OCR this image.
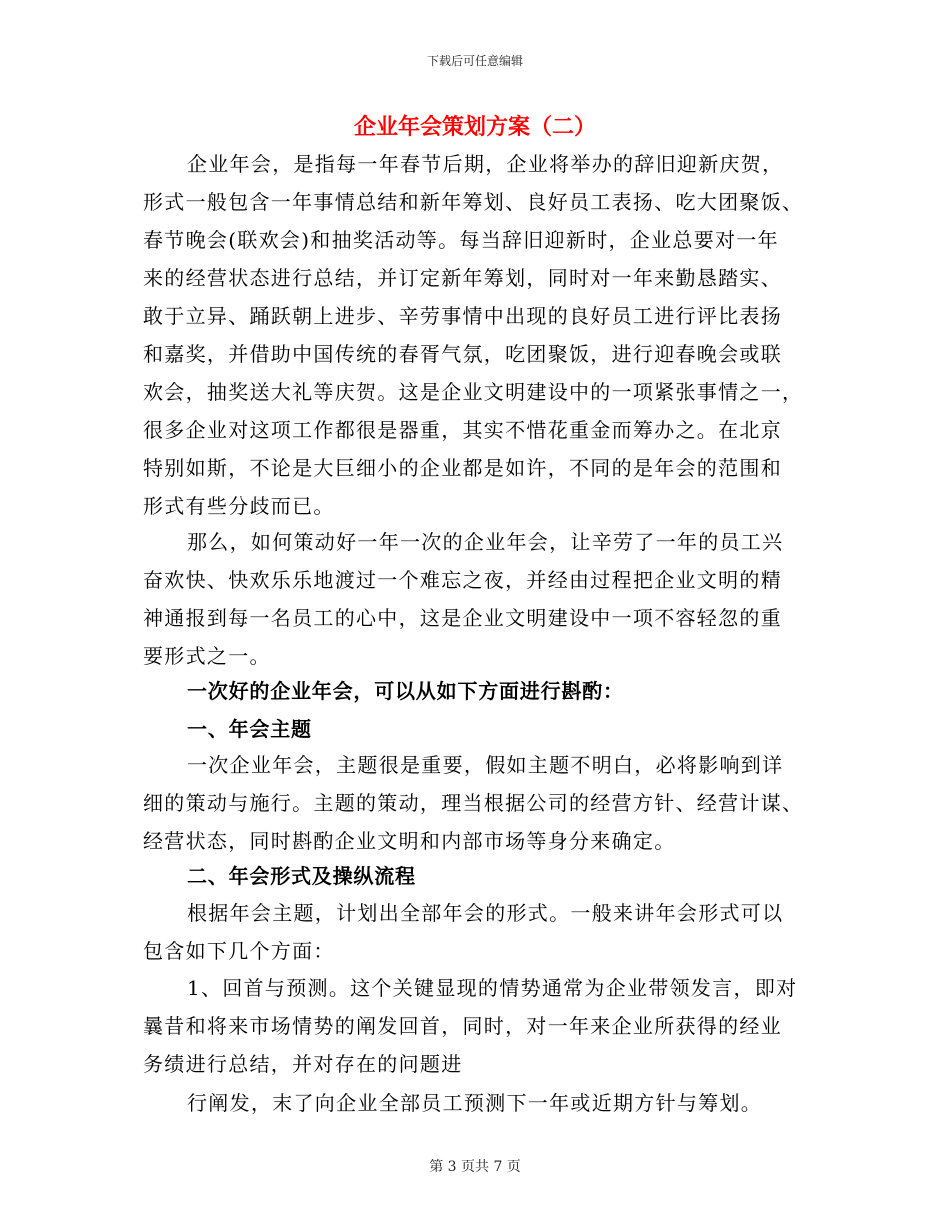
下载后可任意编辑
企业年会策划方案（二）
企业年会，是指每一年春节后期，企业将举办的辞旧迎新庆贺，
形式一般包含一年事情总结和新年筹划、良好员工表扬、吃大团聚饭、
春节晚会(联欢会)和抽奖活动等。每当辞旧迎新时，企业总要对一年
来的经营状态进行总结，并订定新年筹划，同时对一年来勤恳踏实、
敢于立异、踊跃朝上进步、辛劳事情中出现的良好员工进行评比表扬
和嘉奖，并借助中国传统的春胥气氛，吃团聚饭，进行迎春晚会或联
欢会，抽奖送大礼等庆贺。这是企业文明建设中的一项紧张事情之一，
很多企业对这项工作都很是器重，其实不惜花重金而筹办之。在北京
特别如斯，不论是大巨细小的企业都是如许，不同的是年会的范围和
形式有些分歧而已。
那么，如何策动好一年一次的企业年会，让辛劳了一年的员工兴
奋欢快、快欢乐乐地渡过一个难忘之夜，并经由过程把企业文明的精
神通报到每一名员工的心中，这是企业文明建设中一项不容轻忽的重
要形式之一。
一次好的企业年会，可以从如下方面进行斟酌：
一、年会主题
一次企业年会，主题很是重要，假如主题不明白，必将影响到详
细的策动与施行。主题的策动，理当根据公司的经营方针、经营计谋、
经营状态，同时斟酌企业文明和内部市场等身分来确定。
二、年会形式及操纵流程
根据年会主题，计划出全部年会的形式。一般来讲年会形式可以
包含如下几个方面：
1、回首与预测。这个关键显现的情势通常为企业带领发言，即对
曩昔和将来市场情势的阐发回首，同时，对一年来企业所获得的经业
务绩进行总结，并对存在的问题进
行阐发，末了向企业全部员工预测下一年或近期方针与筹划。
第 3 页共 7 页
